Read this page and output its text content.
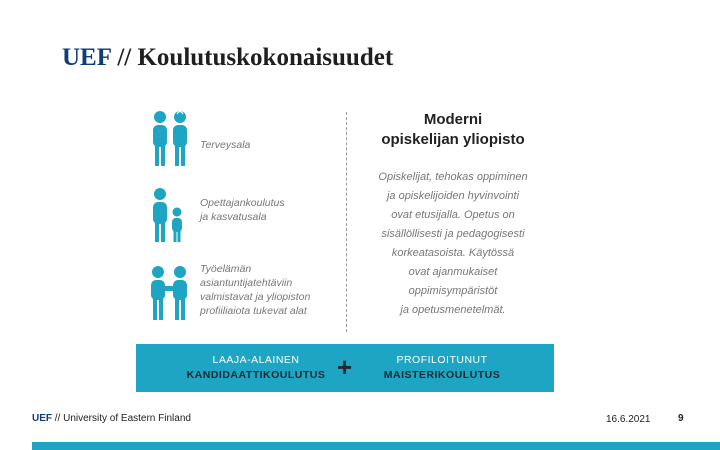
UEF // Koulutuskokonaisuudet
Terveysala
Opettajankoulutus
ja kasvatusala
Työelämän
asiantuntijatehtäviin
valmistavat ja yliopiston
profiiliaiota tukevat alat
Moderni
opiskelijan yliopisto
Opiskelijat, tehokas oppiminen
ja opiskelijoiden hyvinvointi
ovat etusijalla. Opetus on
sisällöllisesti ja pedagogisesti
korkeatasoista. Käytössä
ovat ajanmukaiset
oppimisympäristöt
ja opetusmenetelmät.
LAAJA-ALAINEN
KANDIDAATTIKOULUTUS +	PROFILOITUNUT
MAISTERIKOULUTUS
UEF // University of Eastern Finland	16.6.2021	9
